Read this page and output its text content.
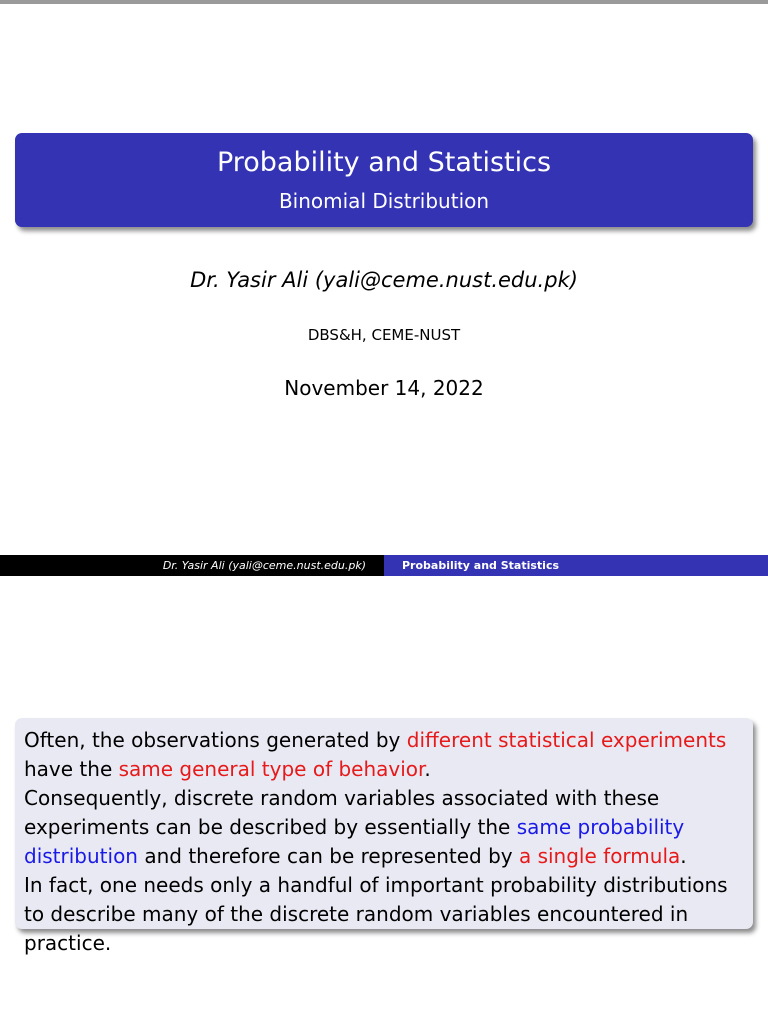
Probability and Statistics
Binomial Distribution
Dr. Yasir Ali (yali@ceme.nust.edu.pk)
DBS&H, CEME-NUST
November 14, 2022
Dr. Yasir Ali (yali@ceme.nust.edu.pk)	Probability and Statistics
Often, the observations generated by different statistical experiments have the same general type of behavior.
Consequently, discrete random variables associated with these experiments can be described by essentially the same probability distribution and therefore can be represented by a single formula.
In fact, one needs only a handful of important probability distributions to describe many of the discrete random variables encountered in practice.
